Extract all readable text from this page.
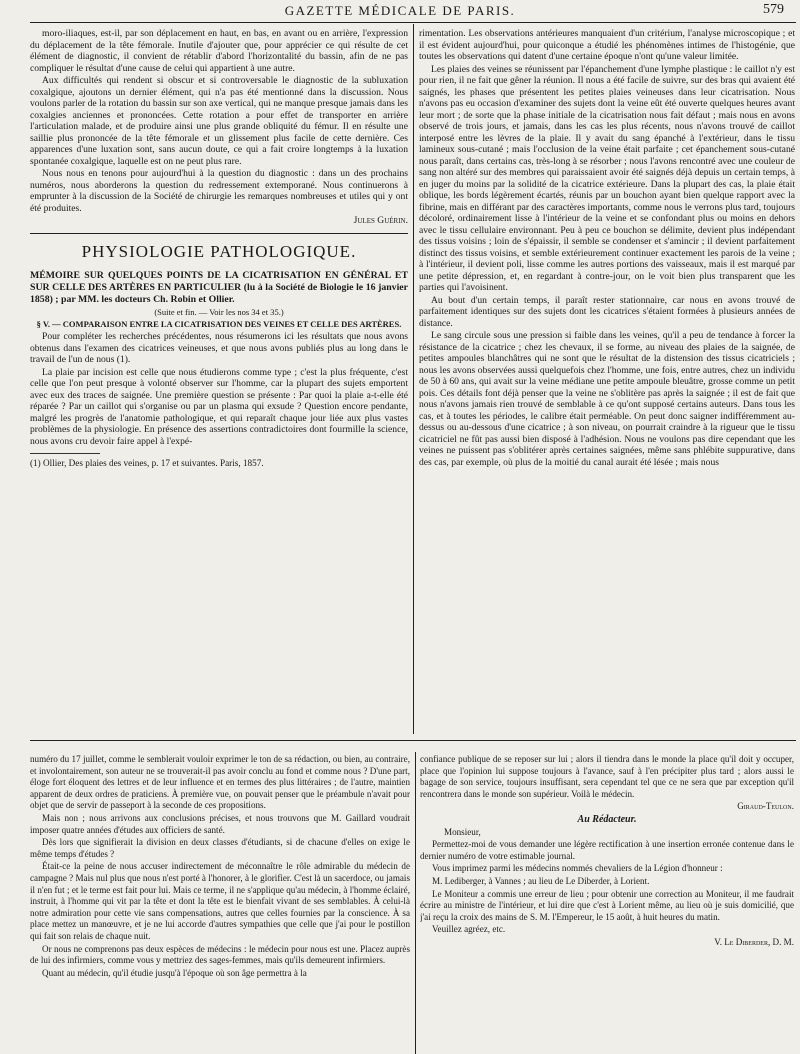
GAZETTE MÉDICALE DE PARIS.	579

moro-iliaques, est-il, par son déplacement en haut, en bas, en avant ou en arrière, l'expression du déplacement de la tête fémorale. Inutile d'ajouter que, pour apprécier ce qui résulte de cet élément de diagnostic, il convient de rétablir d'abord l'horizontalité du bassin, afin de ne pas compliquer le résultat d'une cause de celui qui appartient à une autre.

Aux difficultés qui rendent si obscur et si controversable le diagnostic de la subluxation coxalgique, ajoutons un dernier élément, qui n'a pas été mentionné dans la discussion. Nous voulons parler de la rotation du bassin sur son axe vertical, qui ne manque presque jamais dans les coxalgies anciennes et prononcées. Cette rotation a pour effet de transporter en arrière l'articulation malade, et de produire ainsi une plus grande obliquité du fémur. Il en résulte une saillie plus prononcée de la tête fémorale et un glissement plus facile de cette dernière. Ces apparences d'une luxation sont, sans aucun doute, ce qui a fait croire longtemps à la luxation spontanée coxalgique, laquelle est on ne peut plus rare.

Nous nous en tenons pour aujourd'hui à la question du diagnostic : dans un des prochains numéros, nous aborderons la question du redressement extemporané. Nous continuerons à emprunter à la discussion de la Société de chirurgie les remarques nombreuses et utiles qui y ont été produites.

Jules Guérin.

PHYSIOLOGIE PATHOLOGIQUE.

MÉMOIRE SUR QUELQUES POINTS DE LA CICATRISATION EN GÉNÉRAL ET SUR CELLE DES ARTÈRES EN PARTICULIER (lu à la Société de Biologie le 16 janvier 1858) ; par MM. les docteurs Ch. Robin et Ollier.

(Suite et fin. — Voir les nos 34 et 35.)

§ V. — COMPARAISON ENTRE LA CICATRISATION DES VEINES ET CELLE DES ARTÈRES.

Pour compléter les recherches précédentes, nous résumerons ici les résultats que nous avons obtenus dans l'examen des cicatrices veineuses, et que nous avons publiés plus au long dans le travail de l'un de nous (1).

La plaie par incision est celle que nous étudierons comme type ; c'est la plus fréquente, c'est celle que l'on peut presque à volonté observer sur l'homme, car la plupart des sujets emportent avec eux des traces de saignée. Une première question se présente : Par quoi la plaie a-t-elle été réparée ? Par un caillot qui s'organise ou par un plasma qui exsude ? Question encore pendante, malgré les progrès de l'anatomie pathologique, et qui reparaît chaque jour liée aux plus vastes problèmes de la physiologie. En présence des assertions contradictoires dont fourmille la science, nous avons cru devoir faire appel à l'expé-

(1) Ollier, Des plaies des veines, p. 17 et suivantes. Paris, 1857.

rimentation. Les observations antérieures manquaient d'un critérium, l'analyse microscopique ; et il est évident aujourd'hui, pour quiconque a étudié les phénomènes intimes de l'histogénie, que toutes les observations qui datent d'une certaine époque n'ont qu'une valeur limitée.

Les plaies des veines se réunissent par l'épanchement d'une lymphe plastique : le caillot n'y est pour rien, il ne fait que gêner la réunion. Il nous a été facile de suivre, sur des bras qui avaient été saignés, les phases que présentent les petites plaies veineuses dans leur cicatrisation. Nous n'avons pas eu occasion d'examiner des sujets dont la veine eût été ouverte quelques heures avant leur mort ; de sorte que la phase initiale de la cicatrisation nous fait défaut ; mais nous en avons observé de trois jours, et jamais, dans les cas les plus récents, nous n'avons trouvé de caillot interposé entre les lèvres de la plaie. Il y avait du sang épanché à l'extérieur, dans le tissu lamineux sous-cutané ; mais l'occlusion de la veine était parfaite ; cet épanchement sous-cutané nous paraît, dans certains cas, très-long à se résorber ; nous l'avons rencontré avec une couleur de sang non altéré sur des membres qui paraissaient avoir été saignés déjà depuis un certain temps, à en juger du moins par la solidité de la cicatrice extérieure. Dans la plupart des cas, la plaie était oblique, les bords légèrement écartés, réunis par un bouchon ayant bien quelque rapport avec la fibrine, mais en différant par des caractères importants, comme nous le verrons plus tard, toujours décoloré, ordinairement lisse à l'intérieur de la veine et se confondant plus ou moins en dehors avec le tissu cellulaire environnant. Peu à peu ce bouchon se délimite, devient plus indépendant des tissus voisins ; loin de s'épaissir, il semble se condenser et s'amincir ; il devient parfaitement distinct des tissus voisins, et semble extérieurement continuer exactement les parois de la veine ; à l'intérieur, il devient poli, lisse comme les autres portions des vaisseaux, mais il est marqué par une petite dépression, et, en regardant à contre-jour, on le voit bien plus transparent que les parties qui l'avoisinent.

Au bout d'un certain temps, il paraît rester stationnaire, car nous en avons trouvé de parfaitement identiques sur des sujets dont les cicatrices s'étaient formées à plusieurs années de distance.

Le sang circule sous une pression si faible dans les veines, qu'il a peu de tendance à forcer la résistance de la cicatrice ; chez les chevaux, il se forme, au niveau des plaies de la saignée, de petites ampoules blanchâtres qui ne sont que le résultat de la distension des tissus cicatriciels ; nous les avons observées aussi quelquefois chez l'homme, une fois, entre autres, chez un individu de 50 à 60 ans, qui avait sur la veine médiane une petite ampoule bleuâtre, grosse comme un petit pois. Ces détails font déjà penser que la veine ne s'oblitère pas après la saignée ; il est de fait que nous n'avons jamais rien trouvé de semblable à ce qu'ont supposé certains auteurs. Dans tous les cas, et à toutes les périodes, le calibre était perméable. On peut donc saigner indifféremment au-dessus ou au-dessous d'une cicatrice ; à son niveau, on pourrait craindre à la rigueur que le tissu cicatriciel ne fût pas aussi bien disposé à l'adhésion. Nous ne voulons pas dire cependant que les veines ne puissent pas s'oblitérer après certaines saignées, même sans phlébite suppurative, dans des cas, par exemple, où plus de la moitié du canal aurait été lésée ; mais nous

numéro du 17 juillet, comme le semblerait vouloir exprimer le ton de sa rédaction, ou bien, au contraire, et involontairement, son auteur ne se trouverait-il pas avoir conclu au fond et comme nous ? D'une part, éloge fort éloquent des lettres et de leur influence et en termes des plus littéraires ; de l'autre, maintien apparent de deux ordres de praticiens. À première vue, on pouvait penser que le préambule n'avait pour objet que de servir de passeport à la seconde de ces propositions.

Mais non ; nous arrivons aux conclusions précises, et nous trouvons que M. Gaillard voudrait imposer quatre années d'études aux officiers de santé.

Dès lors que signifierait la division en deux classes d'étudiants, si de chacune d'elles on exige le même temps d'études ?

Était-ce la peine de nous accuser indirectement de méconnaître le rôle admirable du médecin de campagne ? Mais nul plus que nous n'est porté à l'honorer, à le glorifier. C'est là un sacerdoce, ou jamais il n'en fut ; et le terme est fait pour lui. Mais ce terme, il ne s'applique qu'au médecin, à l'homme éclairé, instruit, à l'homme qui vit par la tête et dont la tête est le bienfait vivant de ses semblables. À celui-là notre admiration pour cette vie sans compensations, autres que celles fournies par la conscience. À sa place mettez un manœuvre, et je ne lui accorde d'autres sympathies que celle que j'ai pour le postillon qui fait son relais de chaque nuit.

Or nous ne comprenons pas deux espèces de médecins : le médecin pour nous est une. Placez auprès de lui des infirmiers, comme vous y mettriez des sages-femmes, mais qu'ils demeurent infirmiers.

Quant au médecin, qu'il étudie jusqu'à l'époque où son âge permettra à la

confiance publique de se reposer sur lui ; alors il tiendra dans le monde la place qu'il doit y occuper, place que l'opinion lui suppose toujours à l'avance, sauf à l'en précipiter plus tard ; alors aussi le bagage de son service, toujours insuffisant, sera cependant tel que ce ne sera que par exception qu'il rencontrera dans le monde son supérieur. Voilà le médecin.

Giraud-Teulon.

Au Rédacteur.

Monsieur,

Permettez-moi de vous demander une légère rectification à une insertion erronée contenue dans le dernier numéro de votre estimable journal.

Vous imprimez parmi les médecins nommés chevaliers de la Légion d'honneur :

M. Lediberger, à Vannes ; au lieu de Le Diberder, à Lorient.

Le Moniteur a commis une erreur de lieu ; pour obtenir une correction au Moniteur, il me faudrait écrire au ministre de l'intérieur, et lui dire que c'est à Lorient même, au lieu où je suis domicilié, que j'ai reçu la croix des mains de S. M. l'Empereur, le 15 août, à huit heures du matin.

Veuillez agréez, etc.

V. Le Diberder, D. M.
